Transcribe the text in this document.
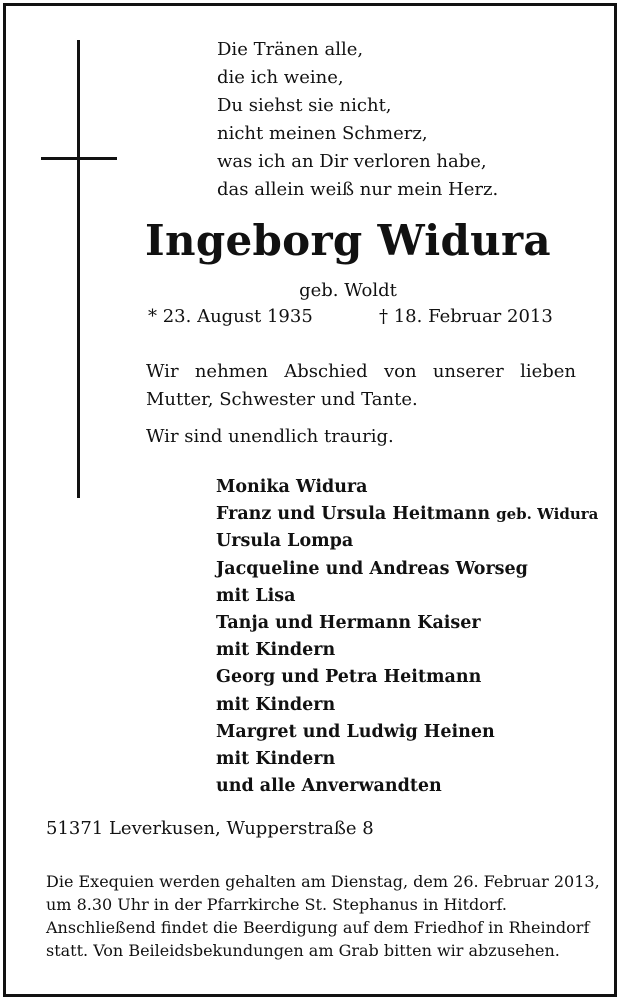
Die Tränen alle,
die ich weine,
Du siehst sie nicht,
nicht meinen Schmerz,
was ich an Dir verloren habe,
das allein weiß nur mein Herz.
Ingeborg Widura
geb. Woldt
* 23. August 1935	† 18. Februar 2013
Wir nehmen Abschied von unserer lieben Mutter, Schwester und Tante.
Wir sind unendlich traurig.
Monika Widura
Franz und Ursula Heitmann geb. Widura
Ursula Lompa
Jacqueline und Andreas Worseg
mit Lisa
Tanja und Hermann Kaiser
mit Kindern
Georg und Petra Heitmann
mit Kindern
Margret und Ludwig Heinen
mit Kindern
und alle Anverwandten
51371 Leverkusen, Wupperstraße 8
Die Exequien werden gehalten am Dienstag, dem 26. Februar 2013,
um 8.30 Uhr in der Pfarrkirche St. Stephanus in Hitdorf.
Anschließend findet die Beerdigung auf dem Friedhof in Rheindorf
statt. Von Beileidsbekundungen am Grab bitten wir abzusehen.
